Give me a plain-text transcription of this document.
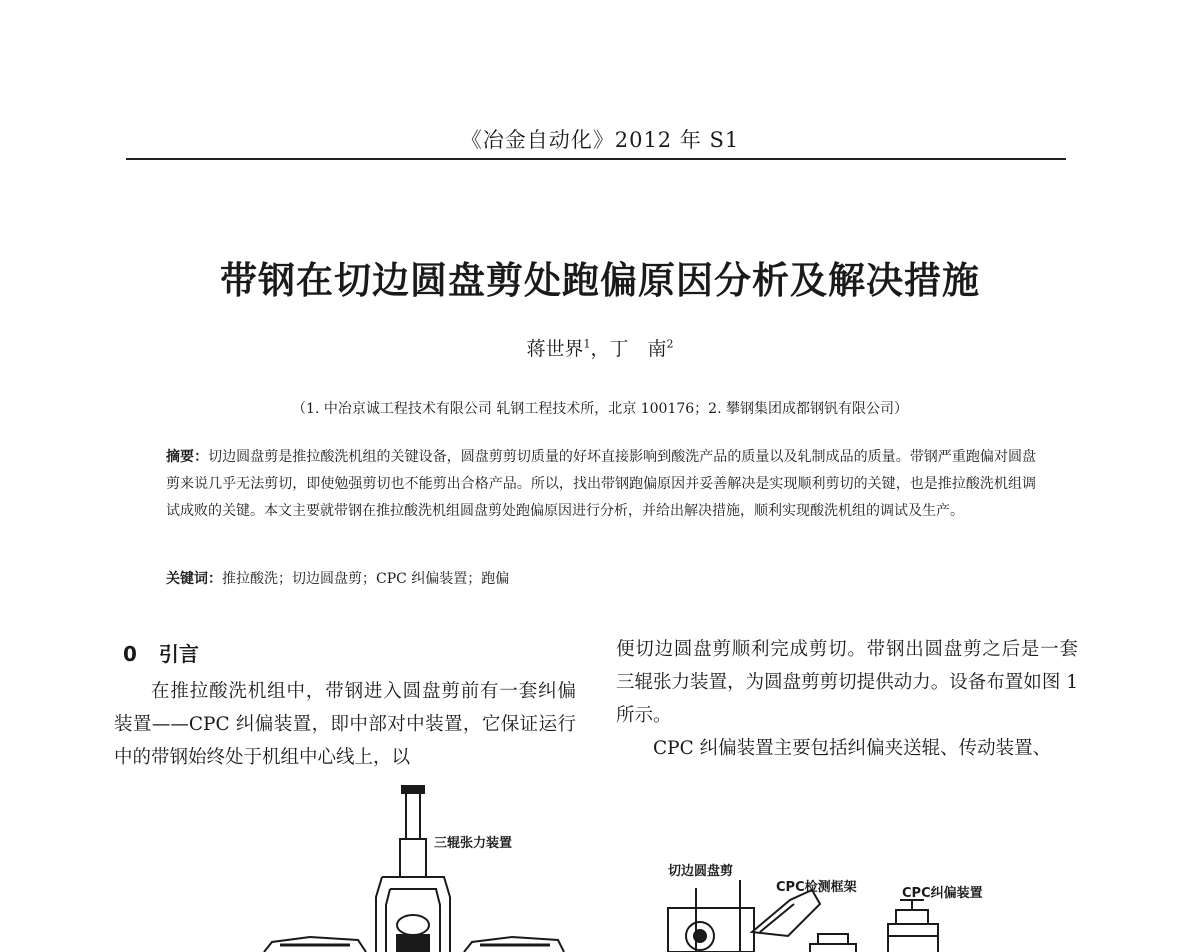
《冶金自动化》2012 年 S1
带钢在切边圆盘剪处跑偏原因分析及解决措施
蒋世界$^1$，丁　南$^2$
（1. 中冶京诚工程技术有限公司 轧钢工程技术所，北京 100176；2. 攀钢集团成都钢钒有限公司）
摘要：切边圆盘剪是推拉酸洗机组的关键设备，圆盘剪剪切质量的好坏直接影响到酸洗产品的质量以及轧制成品的质量。带钢严重跑偏对圆盘剪来说几乎无法剪切，即使勉强剪切也不能剪出合格产品。所以，找出带钢跑偏原因并妥善解决是实现顺利剪切的关键，也是推拉酸洗机组调试成败的关键。本文主要就带钢在推拉酸洗机组圆盘剪处跑偏原因进行分析，并给出解决措施，顺利实现酸洗机组的调试及生产。
关键词：推拉酸洗；切边圆盘剪；CPC 纠偏装置；跑偏
0 引言

在推拉酸洗机组中，带钢进入圆盘剪前有一套纠偏装置——CPC 纠偏装置，即中部对中装置，它保证运行中的带钢始终处于机组中心线上，以

便切边圆盘剪顺利完成剪切。带钢出圆盘剪之后是一套三辊张力装置，为圆盘剪剪切提供动力。设备布置如图 1 所示。

CPC 纠偏装置主要包括纠偏夹送辊、传动装置、

三辊张力装置
切边圆盘剪
CPC检测框架	CPC纠偏装置
